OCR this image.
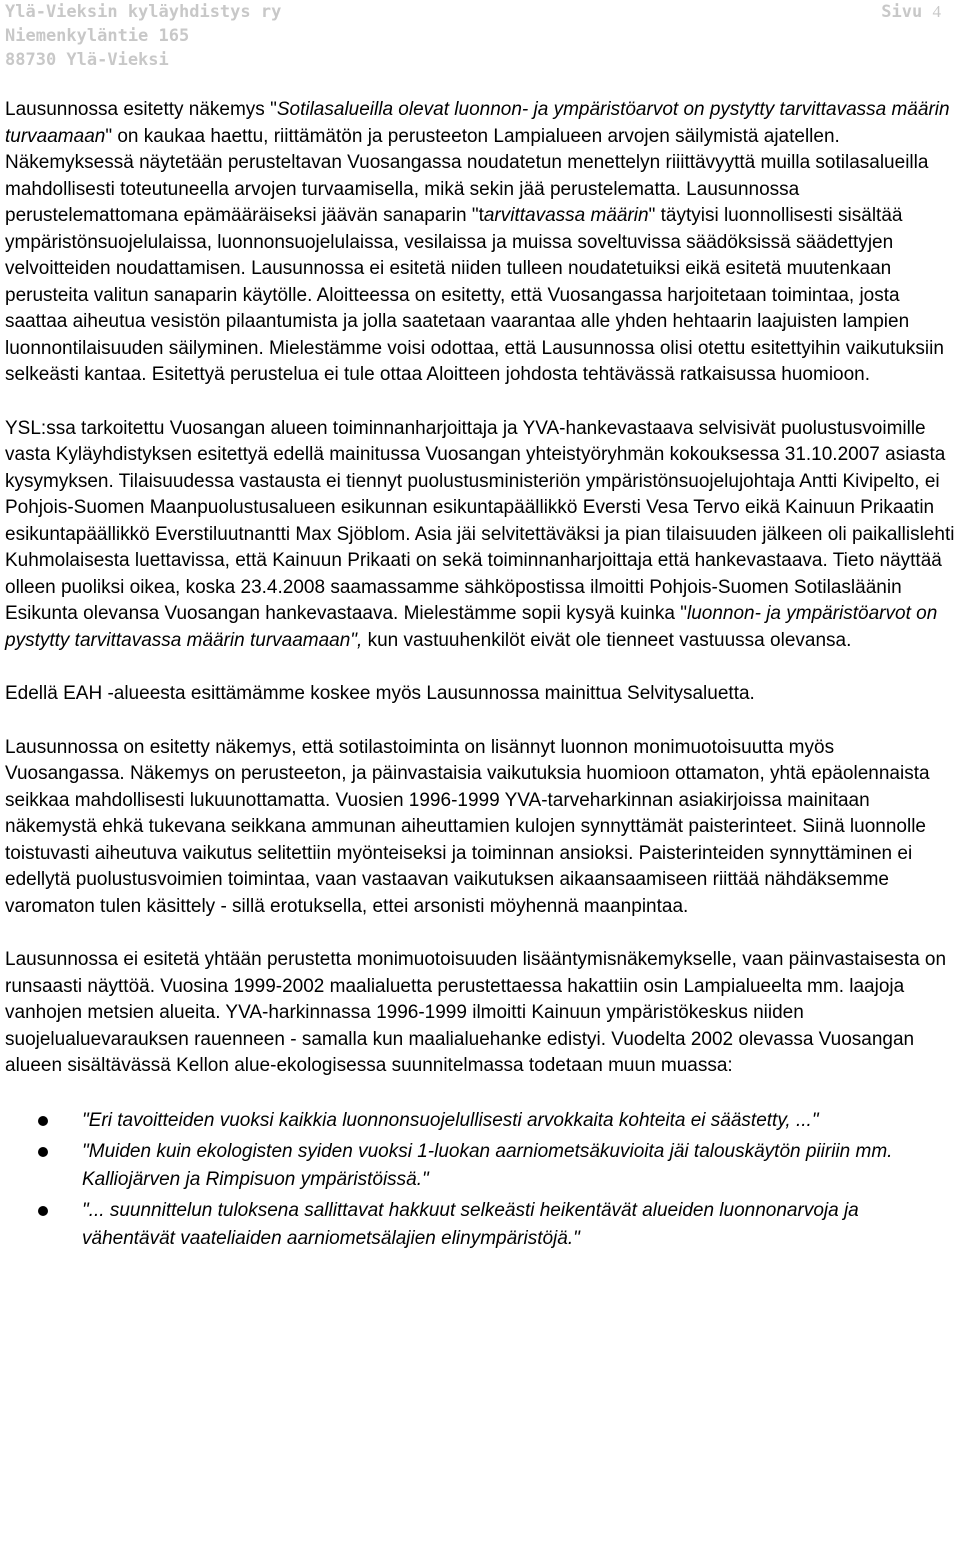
Ylä-Vieksin kyläyhdistys ry
Niemenkyläntie 165
88730 Ylä-Vieksi
Sivu 4

Lausunnossa esitetty näkemys "Sotilasalueilla olevat luonnon- ja ympäristöarvot on pystytty tarvittavassa määrin turvaamaan" on kaukaa haettu, riittämätön ja perusteeton Lampialueen arvojen säilymistä ajatellen. Näkemyksessä näytetään perusteltavan Vuosangassa noudatetun menettelyn riiittävyyttä muilla sotilasalueilla mahdollisesti toteutuneella arvojen turvaamisella, mikä sekin jää perustelematta. Lausunnossa perustelemattomana epämääräiseksi jäävän sanaparin "tarvittavassa määrin" täytyisi luonnollisesti sisältää ympäristönsuojelulaissa, luonnonsuojelulaissa, vesilaissa ja muissa soveltuvissa säädöksissä säädettyjen velvoitteiden noudattamisen. Lausunnossa ei esitetä niiden tulleen noudatetuiksi eikä esitetä muutenkaan perusteita valitun sanaparin käytölle. Aloitteessa on esitetty, että Vuosangassa harjoitetaan toimintaa, josta saattaa aiheutua vesistön pilaantumista ja jolla saatetaan vaarantaa alle yhden hehtaarin laajuisten lampien luonnontilaisuuden säilyminen. Mielestämme voisi odottaa, että Lausunnossa olisi otettu esitettyihin vaikutuksiin selkeästi kantaa. Esitettyä perustelua ei tule ottaa Aloitteen johdosta tehtävässä ratkaisussa huomioon.

YSL:ssa tarkoitettu Vuosangan alueen toiminnanharjoittaja ja YVA-hankevastaava selvisivät puolustusvoimille vasta Kyläyhdistyksen esitettyä edellä mainitussa Vuosangan yhteistyöryhmän kokouksessa 31.10.2007 asiasta kysymyksen. Tilaisuudessa vastausta ei tiennyt puolustusministeriön ympäristönsuojelujohtaja Antti Kivipelto, ei Pohjois-Suomen Maanpuolustusalueen esikunnan esikuntapäällikkö Eversti Vesa Tervo eikä Kainuun Prikaatin esikuntapäällikkö Everstiluutnantti Max Sjöblom. Asia jäi selvitettäväksi ja pian tilaisuuden jälkeen oli paikallislehti Kuhmolaisesta luettavissa, että Kainuun Prikaati on sekä toiminnanharjoittaja että hankevastaava. Tieto näyttää olleen puoliksi oikea, koska 23.4.2008 saamassamme sähköpostissa ilmoitti Pohjois-Suomen Sotilasläänin Esikunta olevansa Vuosangan hankevastaava. Mielestämme sopii kysyä kuinka "luonnon- ja ympäristöarvot on pystytty tarvittavassa määrin turvaamaan", kun vastuuhenkilöt eivät ole tienneet vastuussa olevansa.

Edellä EAH -alueesta esittämämme koskee myös Lausunnossa mainittua Selvitysaluetta.

Lausunnossa on esitetty näkemys, että sotilastoiminta on lisännyt luonnon monimuotoisuutta myös Vuosangassa. Näkemys on perusteeton, ja päinvastaisia vaikutuksia huomioon ottamaton, yhtä epäolennaista seikkaa mahdollisesti lukuunottamatta. Vuosien 1996-1999 YVA-tarveharkinnan asiakirjoissa mainitaan näkemystä ehkä tukevana seikkana ammunan aiheuttamien kulojen synnyttämät paisterinteet. Siinä luonnolle toistuvasti aiheutuva vaikutus selitettiin myönteiseksi ja toiminnan ansioksi. Paisterinteiden synnyttäminen ei edellytä puolustusvoimien toimintaa, vaan vastaavan vaikutuksen aikaansaamiseen riittää nähdäksemme varomaton tulen käsittely - sillä erotuksella, ettei arsonisti möyhennä maanpintaa.

Lausunnossa ei esitetä yhtään perustetta monimuotoisuuden lisääntymisnäkemykselle, vaan päinvastaisesta on runsaasti näyttöä. Vuosina 1999-2002 maalialuetta perustettaessa hakattiin osin Lampialueelta mm. laajoja vanhojen metsien alueita. YVA-harkinnassa 1996-1999 ilmoitti Kainuun ympäristökeskus niiden suojelualuevarauksen rauenneen - samalla kun maalialuehanke edistyi. Vuodelta 2002 olevassa Vuosangan alueen sisältävässä Kellon alue-ekologisessa suunnitelmassa todetaan muun muassa:

"Eri tavoitteiden vuoksi kaikkia luonnonsuojelullisesti arvokkaita kohteita ei säästetty, ..."
"Muiden kuin ekologisten syiden vuoksi 1-luokan aarniometsäkuvioita jäi talouskäytön piiriin mm. Kalliojärven ja Rimpisuon ympäristöissä."
"... suunnittelun tuloksena sallittavat hakkuut selkeästi heikentävät alueiden luonnonarvoja ja vähentävät vaateliaiden aarniometsälajien elinympäristöjä."
